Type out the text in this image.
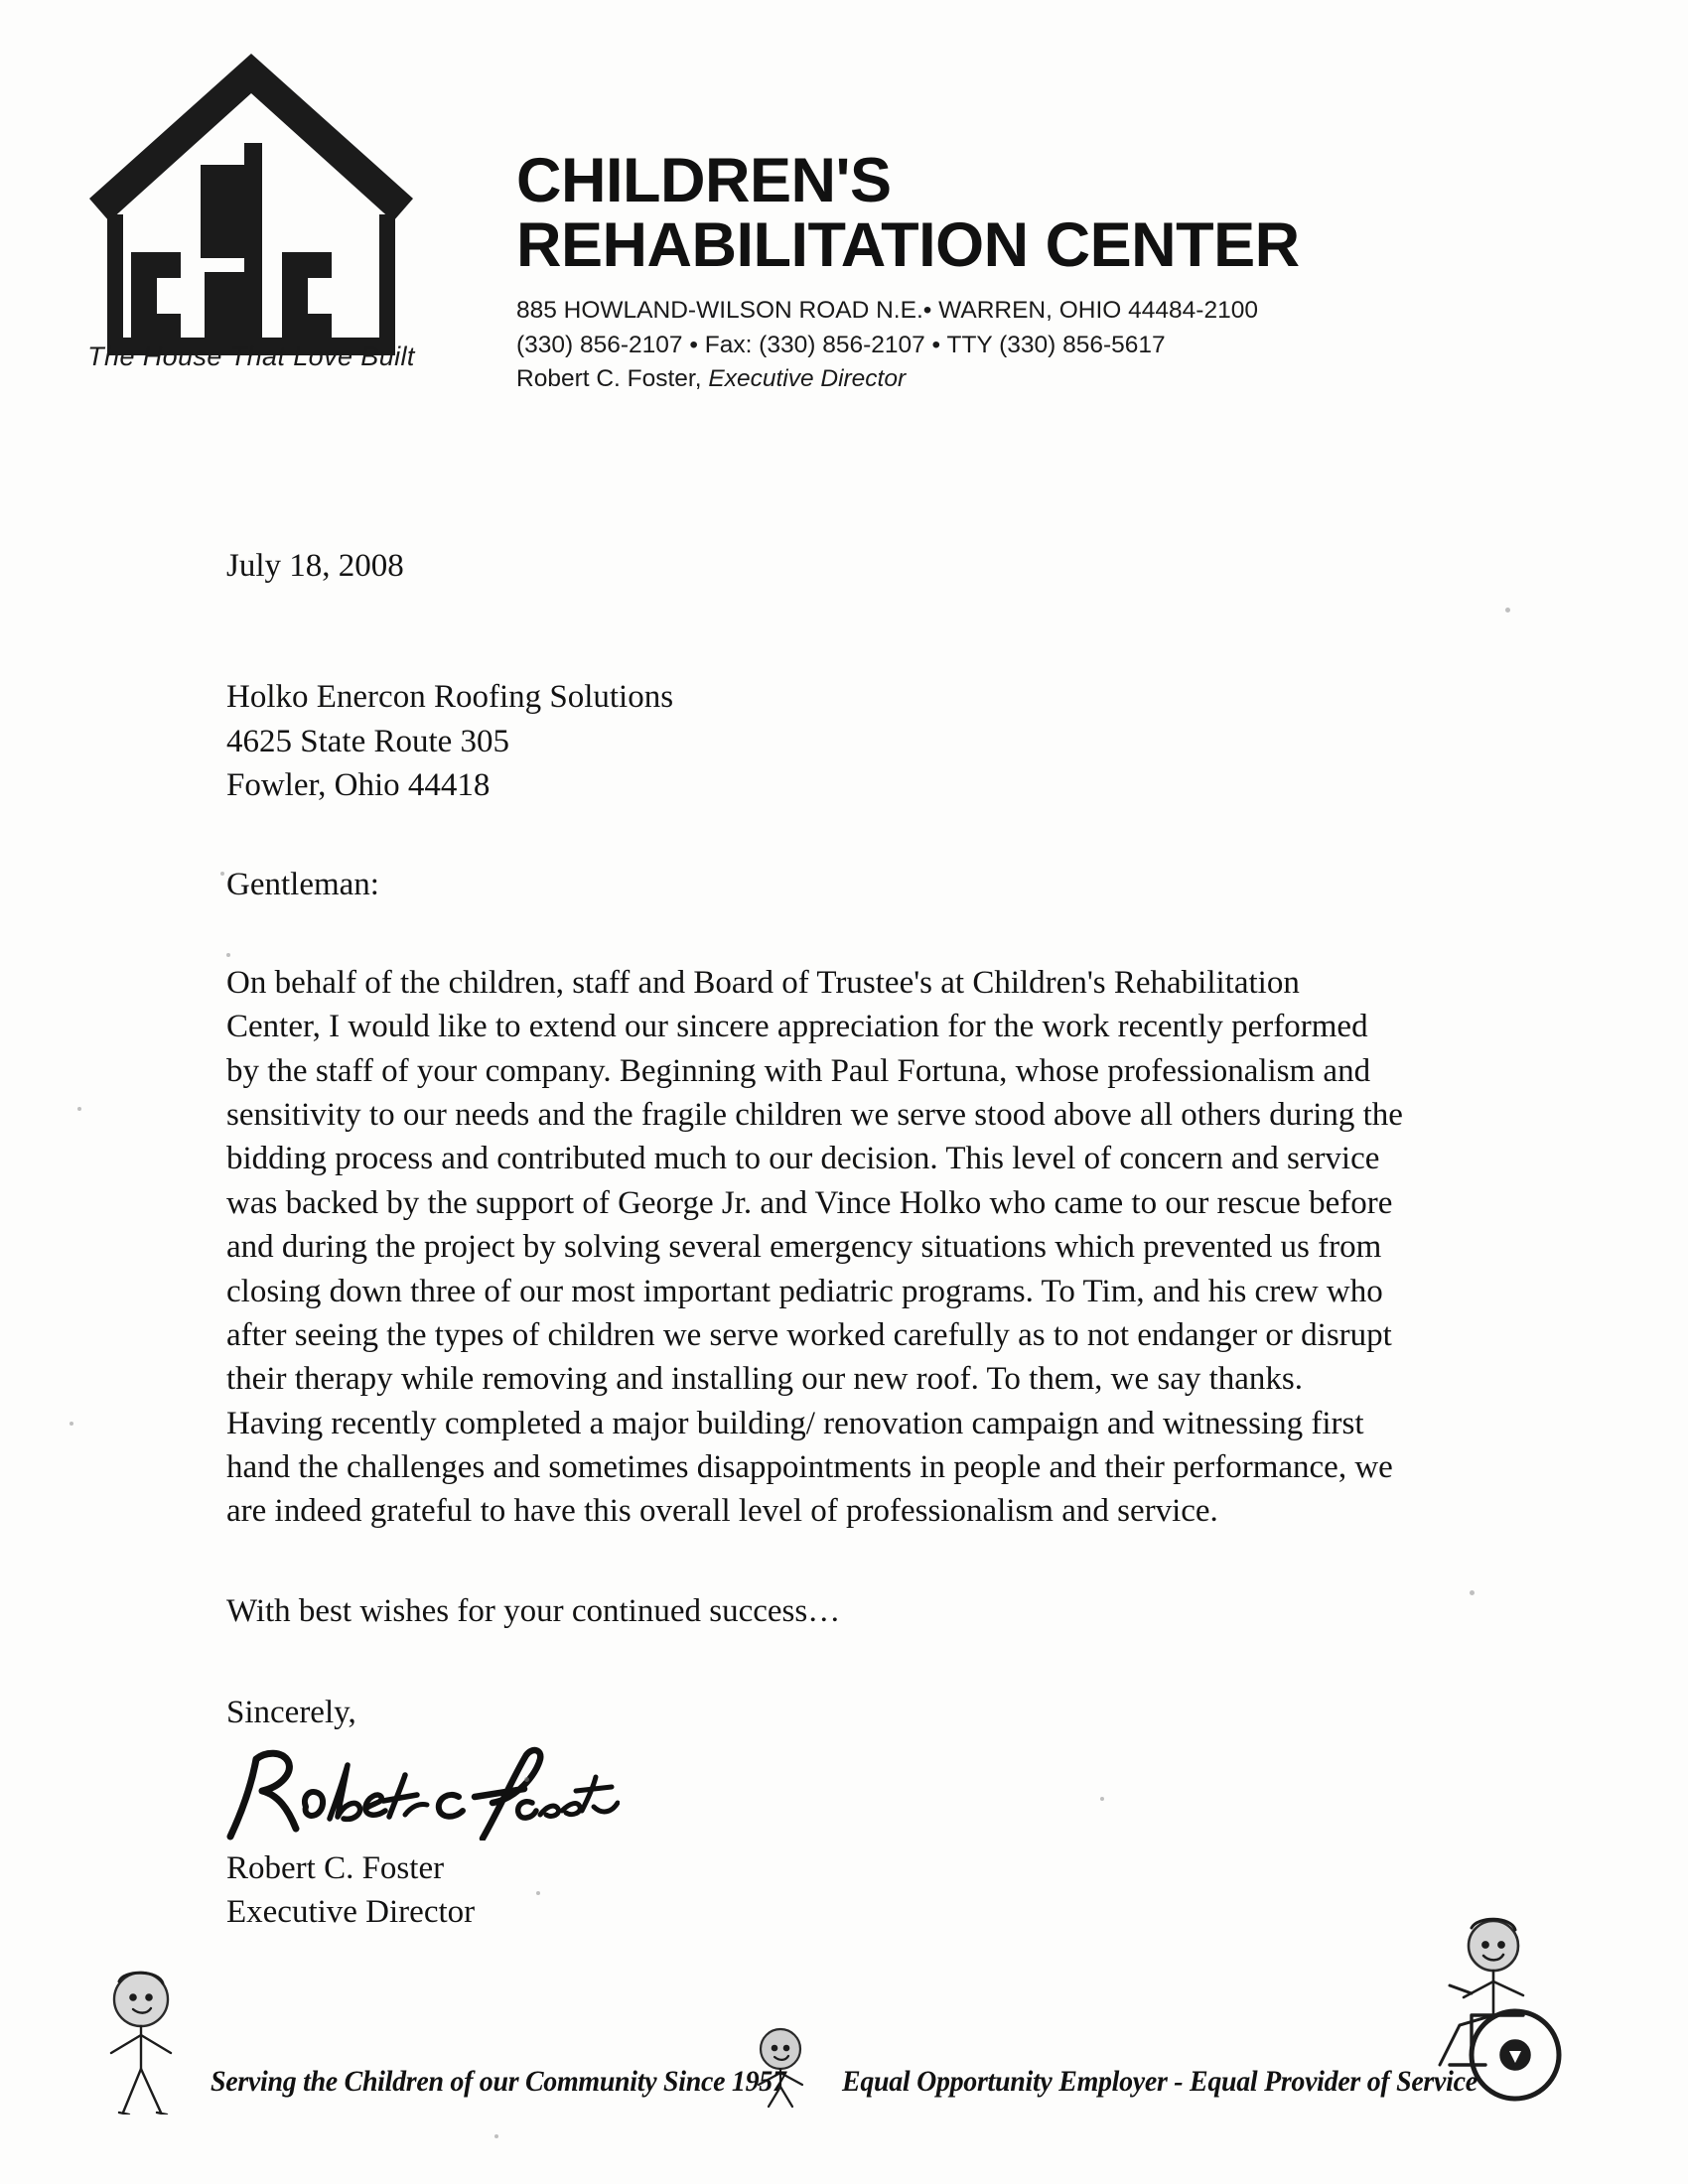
The House That Love Built
CHILDREN'S
REHABILITATION CENTER
885 HOWLAND-WILSON ROAD N.E.• WARREN, OHIO 44484-2100
(330) 856-2107 • Fax: (330) 856-2107 • TTY (330) 856-5617
Robert C. Foster, Executive Director
July 18, 2008
Holko Enercon Roofing Solutions
4625 State Route 305
Fowler, Ohio 44418
Gentleman:
On behalf of the children, staff and Board of Trustee's at Children's Rehabilitation
Center, I would like to extend our sincere appreciation for the work recently performed
by the staff of your company. Beginning with Paul Fortuna, whose professionalism and
sensitivity to our needs and the fragile children we serve stood above all others during the
bidding process and contributed much to our decision. This level of concern and service
was backed by the support of George Jr. and Vince Holko who came to our rescue before
and during the project by solving several emergency situations which prevented us from
closing down three of our most important pediatric programs. To Tim, and his crew who
after seeing the types of children we serve worked carefully as to not endanger or disrupt
their therapy while removing and installing our new roof. To them, we say thanks.
Having recently completed a major building/ renovation campaign and witnessing first
hand the challenges and sometimes disappointments in people and their performance, we
are indeed grateful to have this overall level of professionalism and service.
With best wishes for your continued success…
Sincerely,
Robert C. Foster
Executive Director
Serving the Children of our Community Since 1957 Equal Opportunity Employer - Equal Provider of Service
